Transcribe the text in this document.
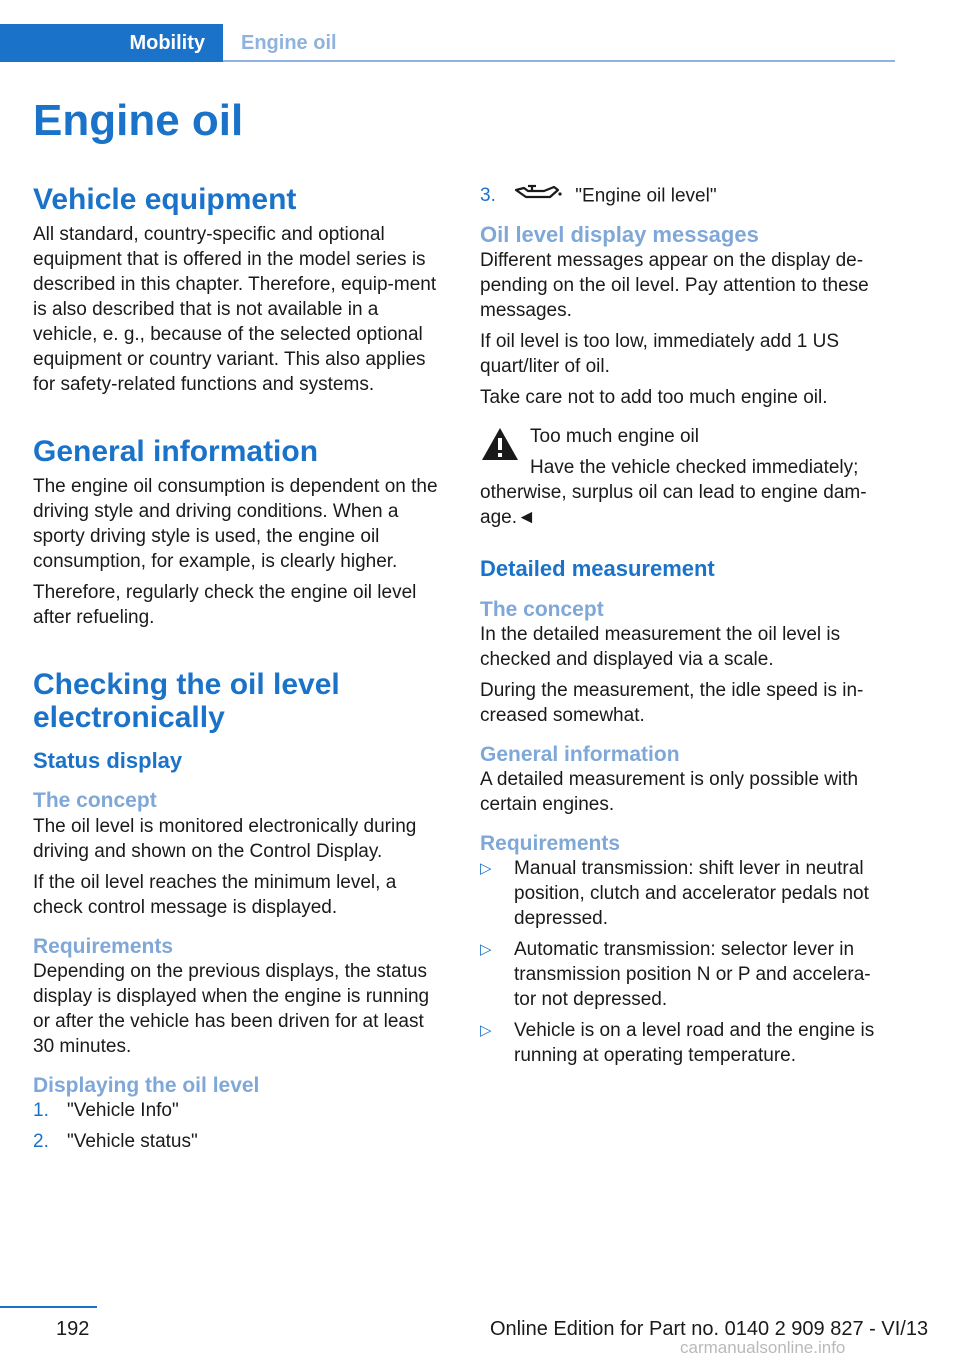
Mobility	Engine oil
Engine oil
Vehicle equipment

All standard, country-specific and optional equipment that is offered in the model series is described in this chapter. Therefore, equip-ment is also described that is not available in a vehicle, e. g., because of the selected optional equipment or country variant. This also applies for safety-related functions and systems.

General information

The engine oil consumption is dependent on the driving style and driving conditions. When a sporty driving style is used, the engine oil consumption, for example, is clearly higher.

Therefore, regularly check the engine oil level after refueling.

Checking the oil level electronically
Status display
The concept

The oil level is monitored electronically during driving and shown on the Control Display.

If the oil level reaches the minimum level, a check control message is displayed.

Requirements

Depending on the previous displays, the status display is displayed when the engine is running or after the vehicle has been driven for at least 30 minutes.

Displaying the oil level
1. "Vehicle Info"
2. "Vehicle status"
3.	"Engine oil level"
Oil level display messages

Different messages appear on the display de-pending on the oil level. Pay attention to these messages.

If oil level is too low, immediately add 1 US quart/liter of oil.

Take care not to add too much engine oil.

Too much engine oil

Have the vehicle checked immediately;

otherwise, surplus oil can lead to engine dam-age.◄

Detailed measurement
The concept

In the detailed measurement the oil level is checked and displayed via a scale.

During the measurement, the idle speed is in-creased somewhat.

General information

A detailed measurement is only possible with certain engines.

Requirements
▷ Manual transmission: shift lever in neutral position, clutch and accelerator pedals not depressed.
▷ Automatic transmission: selector lever in transmission position N or P and accelera-tor not depressed.
▷ Vehicle is on a level road and the engine is running at operating temperature.
192	Online Edition for Part no. 0140 2 909 827 - VI/13
carmanualsonline.info
